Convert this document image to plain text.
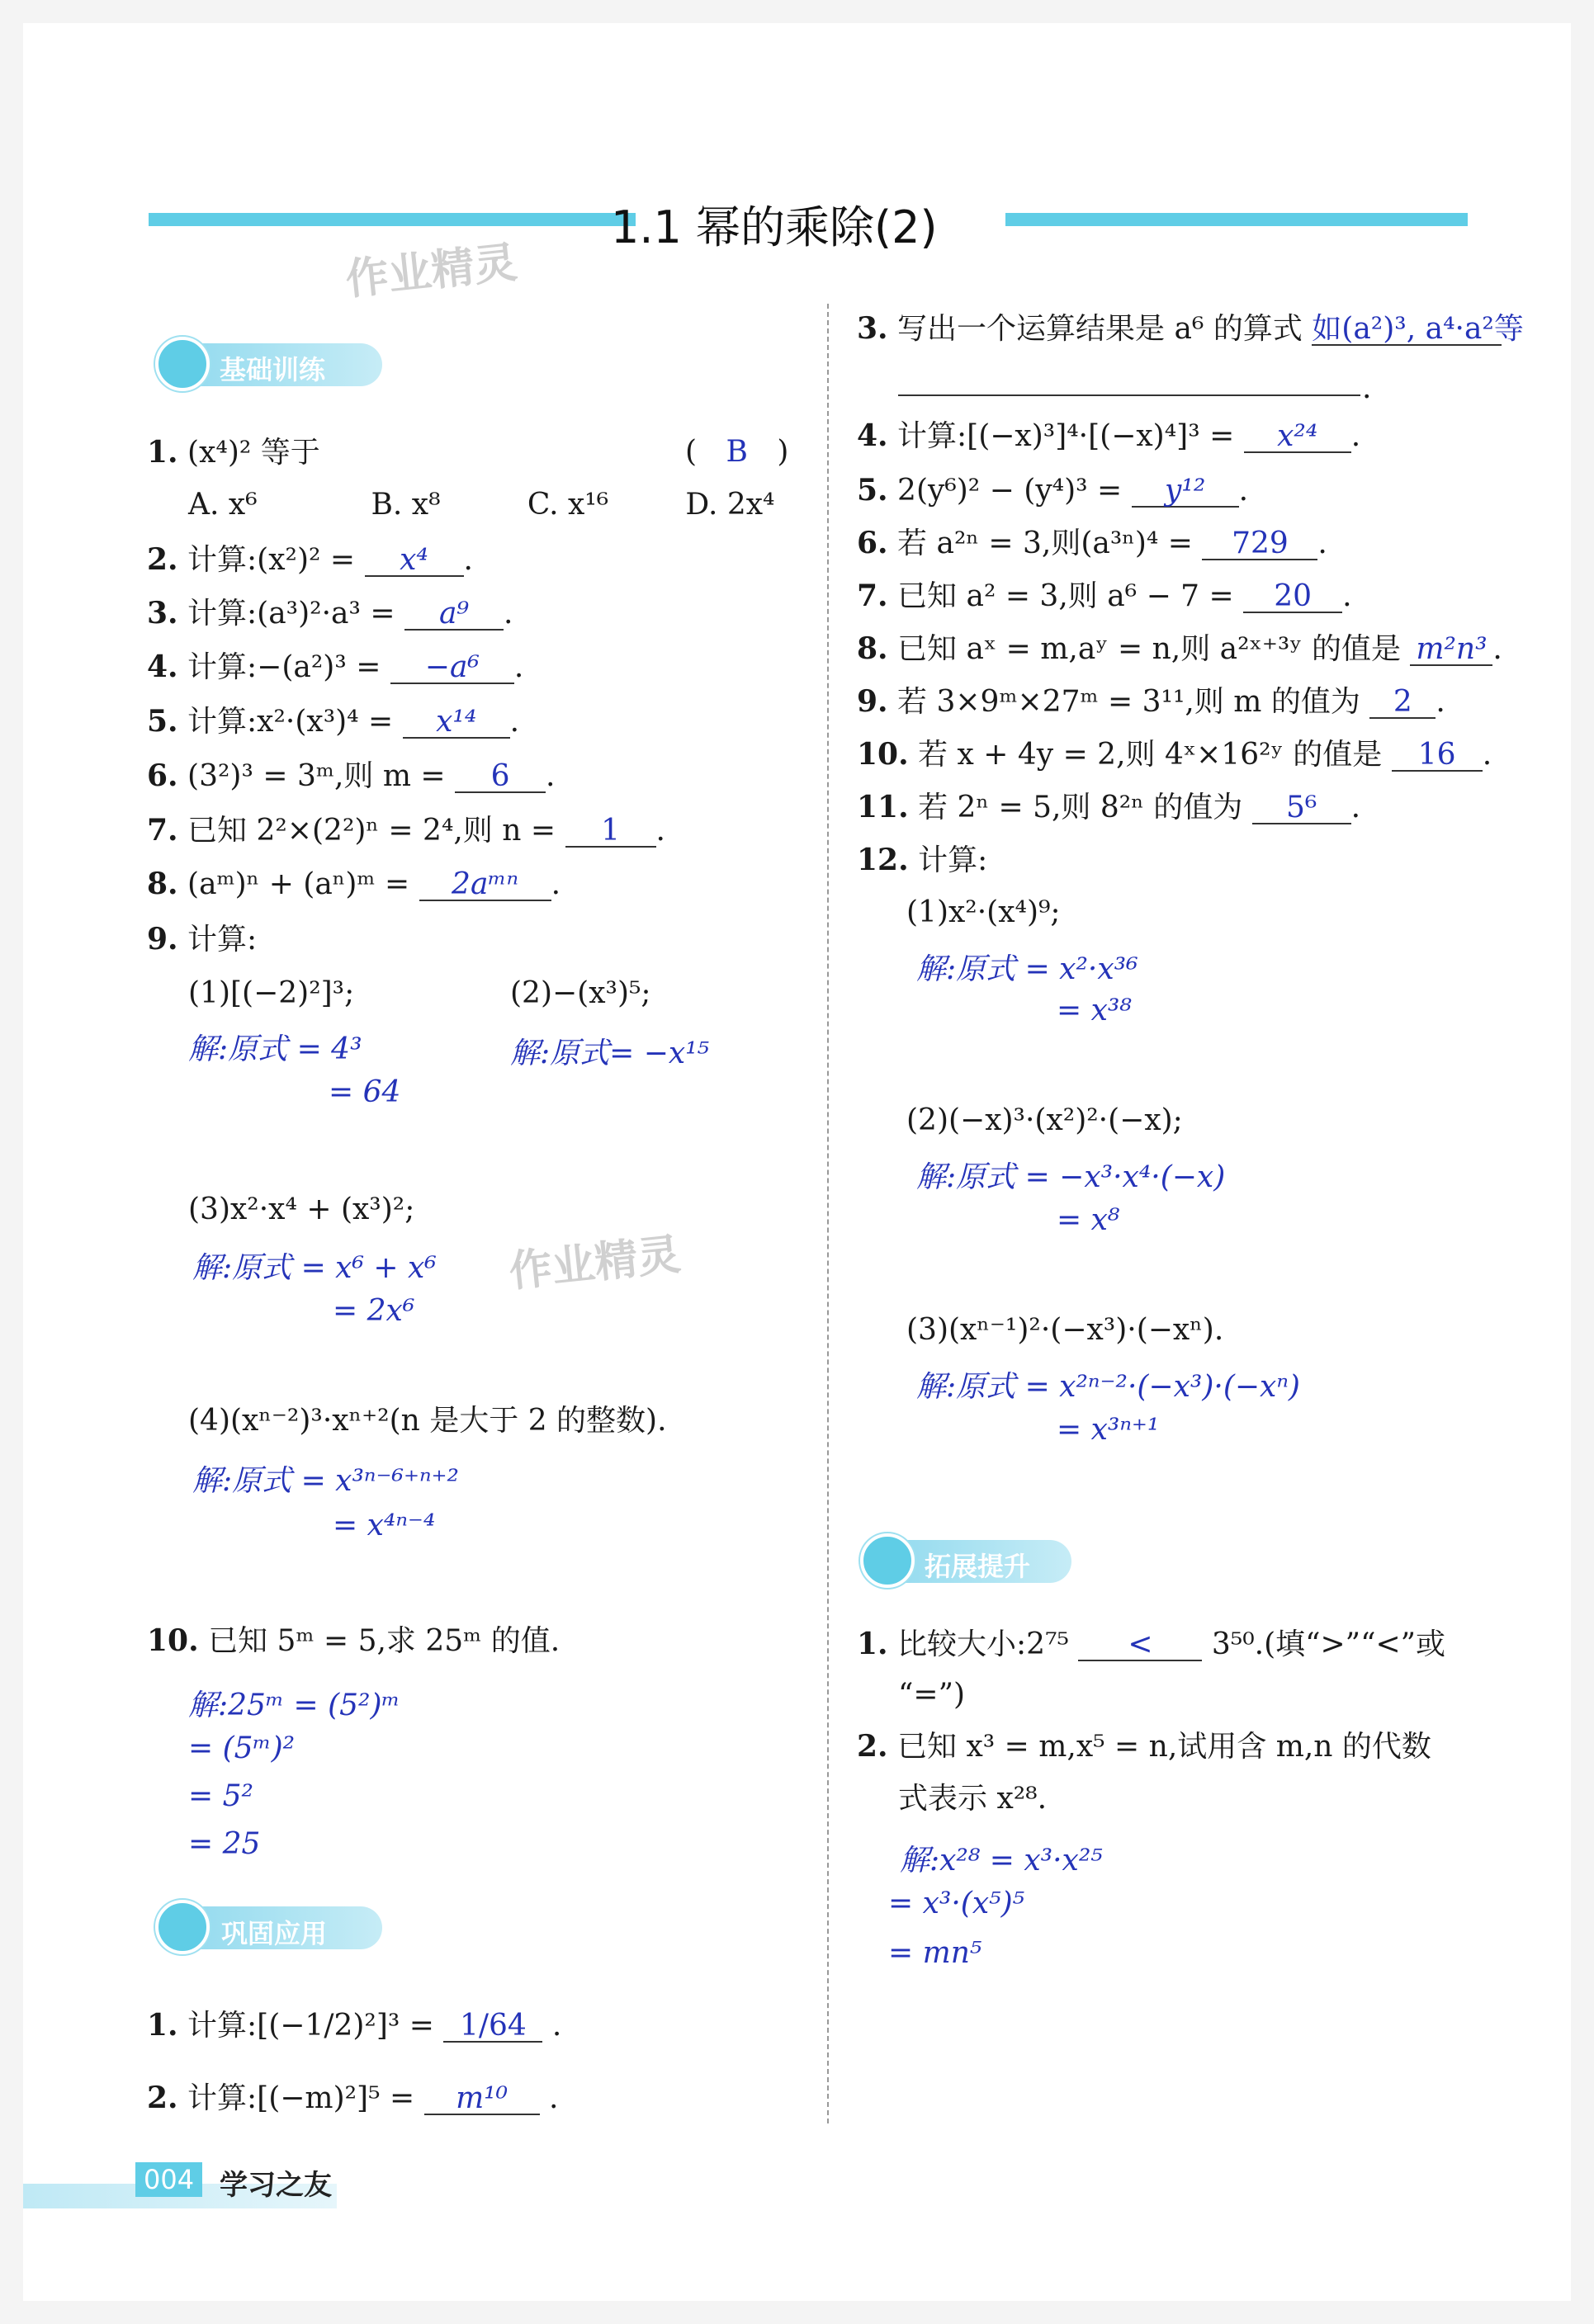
1.1 幂的乘除(2)
作业精灵
基础训练
1. (x⁴)² 等于	( B )
A. x⁶	B. x⁸	C. x¹⁶	D. 2x⁴
2. 计算:(x²)² = x⁴ .
3. 计算:(a³)²·a³ = a⁹ .
4. 计算:−(a²)³ = −a⁶ .
5. 计算:x²·(x³)⁴ = x¹⁴ .
6. (3²)³ = 3ᵐ,则 m = 6 .
7. 已知 2²×(2²)ⁿ = 2⁴,则 n = 1 .
8. (aᵐ)ⁿ + (aⁿ)ᵐ = 2aᵐⁿ .
9. 计算:
(1)[(−2)²]³;	(2)−(x³)⁵;
解:原式 = 4³
= 64
解:原式= −x¹⁵
(3)x²·x⁴ + (x³)²;
解:原式 = x⁶ + x⁶
= 2x⁶
作业精灵
(4)(xⁿ⁻²)³·xⁿ⁺²(n 是大于 2 的整数).
解:原式 = x³ⁿ⁻⁶⁺ⁿ⁺²
= x⁴ⁿ⁻⁴
10. 已知 5ᵐ = 5,求 25ᵐ 的值.
解:25ᵐ = (5²)ᵐ
= (5ᵐ)²
= 5²
= 25
巩固应用
1. 计算:[(−1/2)²]³ = 1/64 .
2. 计算:[(−m)²]⁵ = m¹⁰ .
3. 写出一个运算结果是 a⁶ 的算式 如(a²)³, a⁴·a²等
.
4. 计算:[(−x)³]⁴·[(−x)⁴]³ = x²⁴ .
5. 2(y⁶)² − (y⁴)³ = y¹² .
6. 若 a²ⁿ = 3,则(a³ⁿ)⁴ = 729 .
7. 已知 a² = 3,则 a⁶ − 7 = 20 .
8. 已知 aˣ = m,aʸ = n,则 a²ˣ⁺³ʸ 的值是 m²n³ .
9. 若 3×9ᵐ×27ᵐ = 3¹¹,则 m 的值为 2 .
10. 若 x + 4y = 2,则 4ˣ×16²ʸ 的值是 16 .
11. 若 2ⁿ = 5,则 8²ⁿ 的值为 5⁶ .
12. 计算:
(1)x²·(x⁴)⁹;
解:原式 = x²·x³⁶
= x³⁸
(2)(−x)³·(x²)²·(−x);
解:原式 = −x³·x⁴·(−x)
= x⁸
(3)(xⁿ⁻¹)²·(−x³)·(−xⁿ).
解:原式 = x²ⁿ⁻²·(−x³)·(−xⁿ)
= x³ⁿ⁺¹
拓展提升
1. 比较大小:2⁷⁵ < 3⁵⁰.(填“>”“<”或
“=”)
2. 已知 x³ = m,x⁵ = n,试用含 m,n 的代数
式表示 x²⁸.
解:x²⁸ = x³·x²⁵
= x³·(x⁵)⁵
= mn⁵
004 学习之友
